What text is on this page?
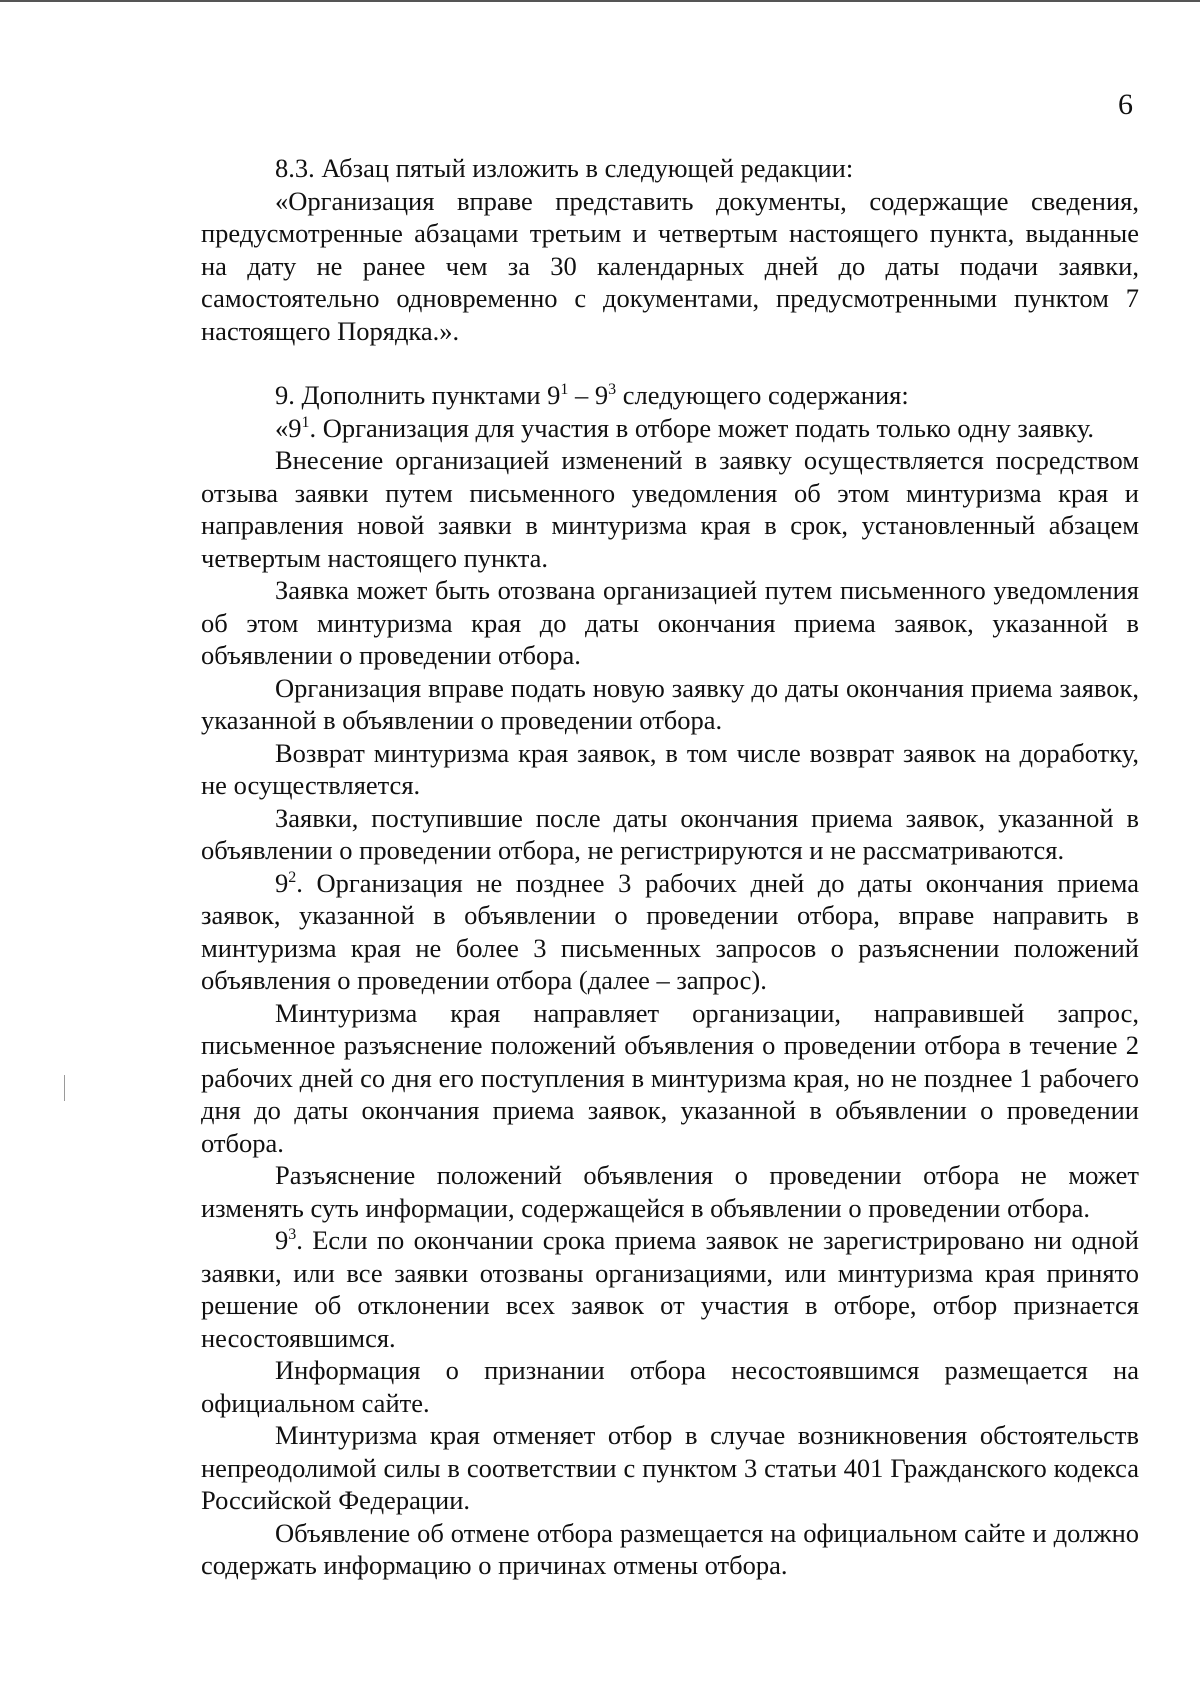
6

8.3. Абзац пятый изложить в следующей редакции:

«Организация вправе представить документы, содержащие сведения, предусмотренные абзацами третьим и четвертым настоящего пункта, выданные на дату не ранее чем за 30 календарных дней до даты подачи заявки, самостоятельно одновременно с документами, предусмотренными пунктом 7 настоящего Порядка.».

9. Дополнить пунктами $9^1 - 9^3$ следующего содержания:

«$9^1$. Организация для участия в отборе может подать только одну заявку.

Внесение организацией изменений в заявку осуществляется посредством отзыва заявки путем письменного уведомления об этом минтуризма края и направления новой заявки в минтуризма края в срок, установленный абзацем четвертым настоящего пункта.

Заявка может быть отозвана организацией путем письменного уведомления об этом минтуризма края до даты окончания приема заявок, указанной в объявлении о проведении отбора.

Организация вправе подать новую заявку до даты окончания приема заявок, указанной в объявлении о проведении отбора.

Возврат минтуризма края заявок, в том числе возврат заявок на доработку, не осуществляется.

Заявки, поступившие после даты окончания приема заявок, указанной в объявлении о проведении отбора, не регистрируются и не рассматриваются.

$9^2$. Организация не позднее 3 рабочих дней до даты окончания приема заявок, указанной в объявлении о проведении отбора, вправе направить в минтуризма края не более 3 письменных запросов о разъяснении положений объявления о проведении отбора (далее – запрос).

Минтуризма края направляет организации, направившей запрос, письменное разъяснение положений объявления о проведении отбора в течение 2 рабочих дней со дня его поступления в минтуризма края, но не позднее 1 рабочего дня до даты окончания приема заявок, указанной в объявлении о проведении отбора.

Разъяснение положений объявления о проведении отбора не может изменять суть информации, содержащейся в объявлении о проведении отбора.

$9^3$. Если по окончании срока приема заявок не зарегистрировано ни одной заявки, или все заявки отозваны организациями, или минтуризма края принято решение об отклонении всех заявок от участия в отборе, отбор признается несостоявшимся.

Информация о признании отбора несостоявшимся размещается на официальном сайте.

Минтуризма края отменяет отбор в случае возникновения обстоятельств непреодолимой силы в соответствии с пунктом 3 статьи 401 Гражданского кодекса Российской Федерации.

Объявление об отмене отбора размещается на официальном сайте и должно содержать информацию о причинах отмены отбора.
